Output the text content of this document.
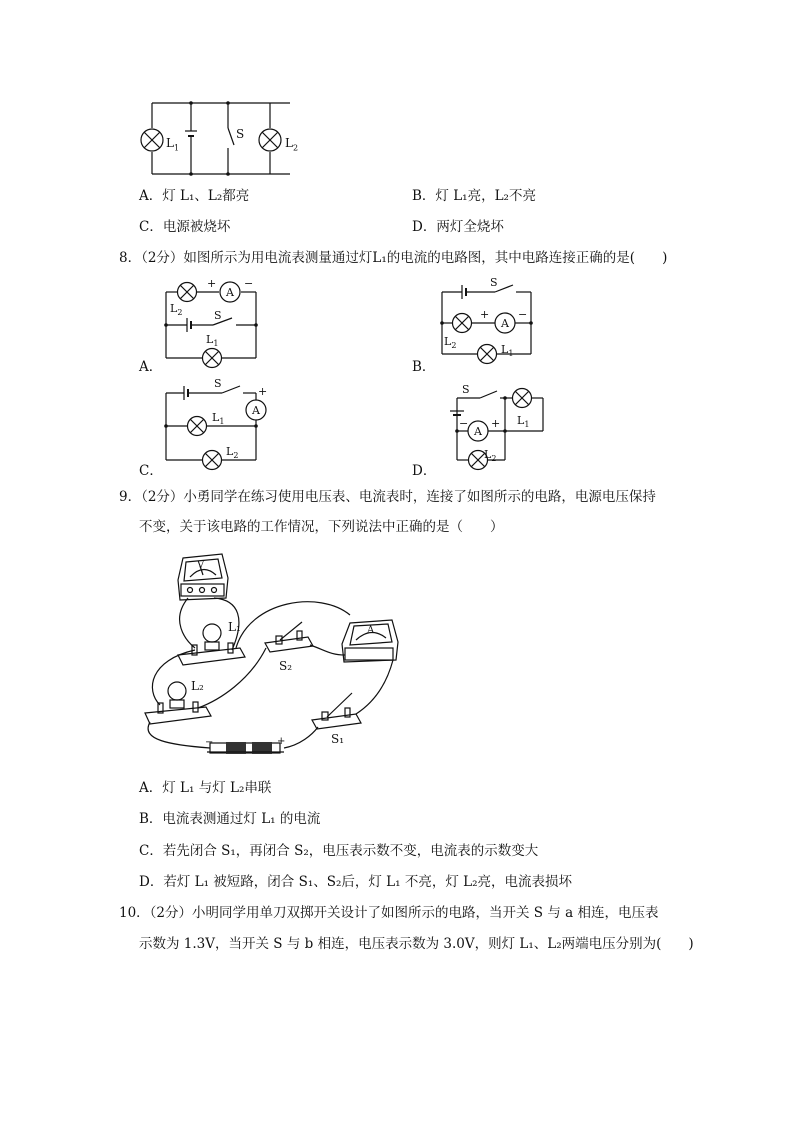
$L_1$
S
$L_2$
A．灯 L₁、L₂都亮	B．灯 L₁亮，L₂不亮
C．电源被烧坏	D．两灯全烧坏
8．（2分）如图所示为用电流表测量通过灯L₁的电流的电路图，其中电路连接正确的是(　　)
A
+	−
$L_2$	S
$L_1$
A．
S
+	−
A
$L_2$	$L_1$
B．
S
+
A
$L_1$
$L_2$
C．
S
$L_1$
− +
A
$L_2$
D．
9．（2分）小勇同学在练习使用电压表、电流表时，连接了如图所示的电路，电源电压保持
不变，关于该电路的工作情况，下列说法中正确的是（　　）
V
A
L₁
L₂
S₂
S₁
−	+
A．灯 L₁ 与灯 L₂串联
B．电流表测通过灯 L₁ 的电流
C．若先闭合 S₁，再闭合 S₂，电压表示数不变，电流表的示数变大
D．若灯 L₁ 被短路，闭合 S₁、S₂后，灯 L₁ 不亮，灯 L₂亮，电流表损坏
10．（2分）小明同学用单刀双掷开关设计了如图所示的电路，当开关 S 与 a 相连，电压表
示数为 1.3V，当开关 S 与 b 相连，电压表示数为 3.0V，则灯 L₁、L₂两端电压分别为(　　)
